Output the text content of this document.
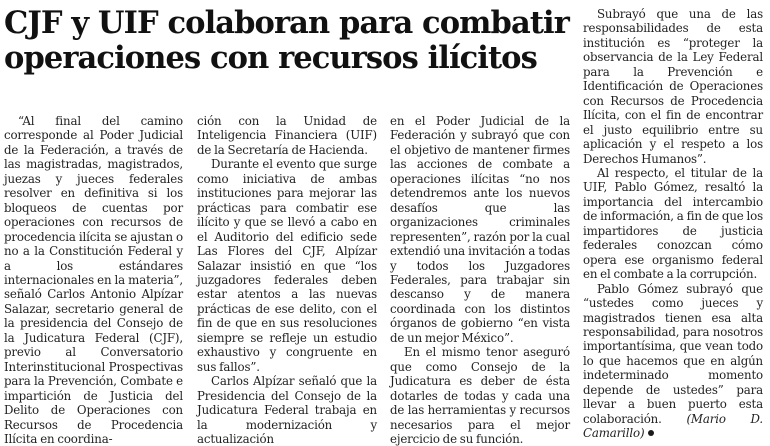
CJF y UIF colaboran para combatir operaciones con recursos ilícitos

“Al final del camino corresponde al Poder Judicial de la Federación, a través de las magistradas, magistrados, juezas y jueces federales resolver en definitiva si los bloqueos de cuentas por operaciones con recursos de procedencia ilícita se ajustan o no a la Constitución Federal y a los estándares internacionales en la materia”, señaló Carlos Antonio Alpízar Salazar, secretario general de la presidencia del Consejo de la Judicatura Federal (CJF), previo al Conversatorio Interinstitucional Prospectivas para la Prevención, Combate e impartición de Justicia del Delito de Operaciones con Recursos de Procedencia Ilícita en coordina-

ción con la Unidad de Inteligencia Financiera (UIF) de la Secretaría de Hacienda.

Durante el evento que surge como iniciativa de ambas instituciones para mejorar las prácticas para combatir ese ilícito y que se llevó a cabo en el Auditorio del edificio sede Las Flores del CJF, Alpízar Salazar insistió en que “los juzgadores federales deben estar atentos a las nuevas prácticas de ese delito, con el fin de que en sus resoluciones siempre se refleje un estudio exhaustivo y congruente en sus fallos”.

Carlos Alpízar señaló que la Presidencia del Consejo de la Judicatura Federal trabaja en la modernización y actualización

en el Poder Judicial de la Federación y subrayó que con el objetivo de mantener firmes las acciones de combate a operaciones ilícitas “no nos detendremos ante los nuevos desafíos que las organizaciones criminales representen”, razón por la cual extendió una invitación a todas y todos los Juzgadores Federales, para trabajar sin descanso y de manera coordinada con los distintos órganos de gobierno “en vista de un mejor México”.

En el mismo tenor aseguró que como Consejo de la Judicatura es deber de ésta dotarles de todas y cada una de las herramientas y recursos necesarios para el mejor ejercicio de su función.

Subrayó que una de las responsabilidades de esta institución es “proteger la observancia de la Ley Federal para la Prevención e Identificación de Operaciones con Recursos de Procedencia Ilícita, con el fin de encontrar el justo equilibrio entre su aplicación y el respeto a los Derechos Humanos”.

Al respecto, el titular de la UIF, Pablo Gómez, resaltó la importancia del intercambio de información, a fin de que los impartidores de justicia federales conozcan cómo opera ese organismo federal en el combate a la corrupción.

Pablo Gómez subrayó que “ustedes como jueces y magistrados tienen esa alta responsabilidad, para nosotros importantísima, que vean todo lo que hacemos que en algún indeterminado momento depende de ustedes” para llevar a buen puerto esta colaboración. (Mario D. Camarillo)
